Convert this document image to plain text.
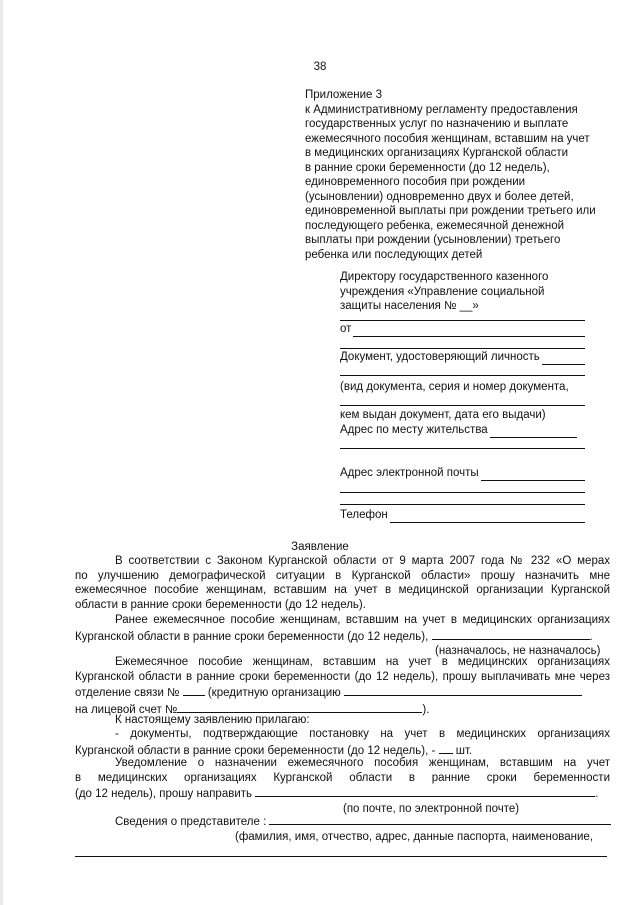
38
Приложение 3
к Административному регламенту предоставления
государственных услуг по назначению и выплате
ежемесячного пособия женщинам, вставшим на учет
в медицинских организациях Курганской области
в ранние сроки беременности (до 12 недель),
единовременного пособия при рождении
(усыновлении) одновременно двух и более детей,
единовременной выплаты при рождении третьего или
последующего ребенка, ежемесячной денежной
выплаты при рождении (усыновлении) третьего
ребенка или последующих детей
Директору государственного казенного
учреждения «Управление социальной
защиты населения № __»
от
Документ, удостоверяющий личность
(вид документа, серия и номер документа,
кем выдан документ, дата его выдачи)
Адрес по месту жительства
Адрес электронной почты
Телефон
Заявление
В соответствии с Законом Курганской области от 9 марта 2007 года № 232 «О мерах
по улучшению демографической ситуации в Курганской области» прошу назначить мне
ежемесячное пособие женщинам, вставшим на учет в медицинской организации Курганской
области в ранние сроки беременности (до 12 недель).
Ранее ежемесячное пособие женщинам, вставшим на учет в медицинских организациях
Курганской области в ранние сроки беременности (до 12 недель),	.
(назначалось, не назначалось)
Ежемесячное пособие женщинам, вставшим на учет в медицинских организациях
Курганской области в ранние сроки беременности (до 12 недель), прошу выплачивать мне через
отделение связи № (кредитную организацию
на лицевой счет №	).
К настоящему заявлению прилагаю:
- документы, подтверждающие постановку на учет в медицинских организациях
Курганской области в ранние сроки беременности (до 12 недель), - шт.
Уведомление о назначении ежемесячного пособия женщинам, вставшим на учет
в медицинских организациях Курганской области в ранние сроки беременности
(до 12 недель), прошу направить	.
(по почте, по электронной почте)
Сведения о представителе :
(фамилия, имя, отчество, адрес, данные паспорта, наименование,
